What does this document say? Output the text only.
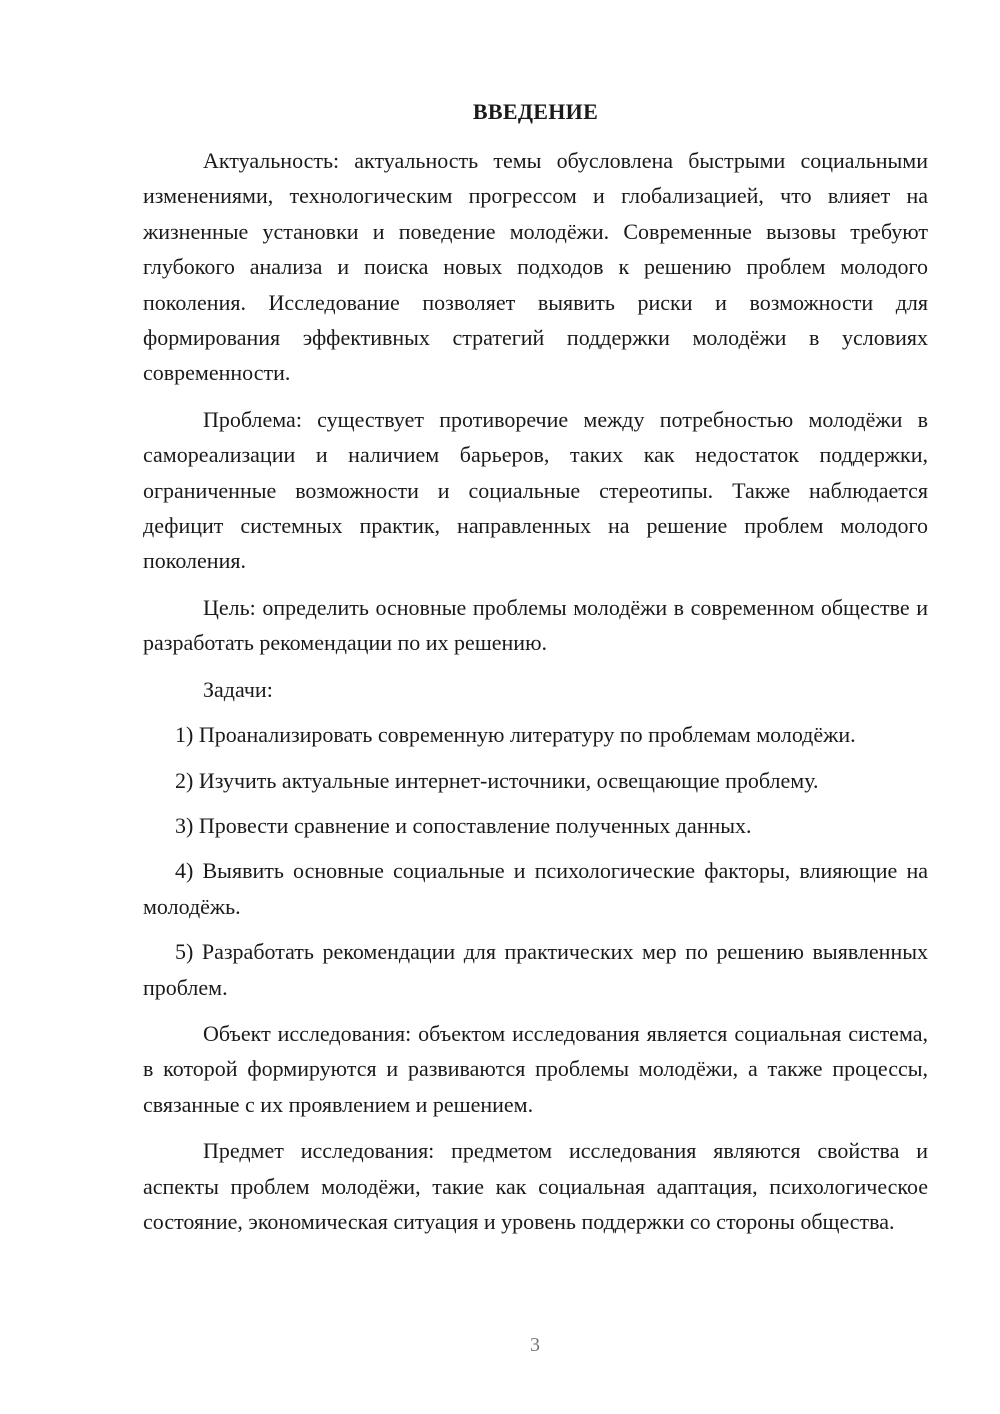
ВВЕДЕНИЕ

Актуальность: актуальность темы обусловлена быстрыми социальными изменениями, технологическим прогрессом и глобализацией, что влияет на жизненные установки и поведение молодёжи. Современные вызовы требуют глубокого анализа и поиска новых подходов к решению проблем молодого поколения. Исследование позволяет выявить риски и возможности для формирования эффективных стратегий поддержки молодёжи в условиях современности.

Проблема: существует противоречие между потребностью молодёжи в самореализации и наличием барьеров, таких как недостаток поддержки, ограниченные возможности и социальные стереотипы. Также наблюдается дефицит системных практик, направленных на решение проблем молодого поколения.

Цель: определить основные проблемы молодёжи в современном обществе и разработать рекомендации по их решению.

Задачи:

1) Проанализировать современную литературу по проблемам молодёжи.

2) Изучить актуальные интернет-источники, освещающие проблему.

3) Провести сравнение и сопоставление полученных данных.

4) Выявить основные социальные и психологические факторы, влияющие на молодёжь.

5) Разработать рекомендации для практических мер по решению выявленных проблем.

Объект исследования: объектом исследования является социальная система, в которой формируются и развиваются проблемы молодёжи, а также процессы, связанные с их проявлением и решением.

Предмет исследования: предметом исследования являются свойства и аспекты проблем молодёжи, такие как социальная адаптация, психологическое состояние, экономическая ситуация и уровень поддержки со стороны общества.

3
